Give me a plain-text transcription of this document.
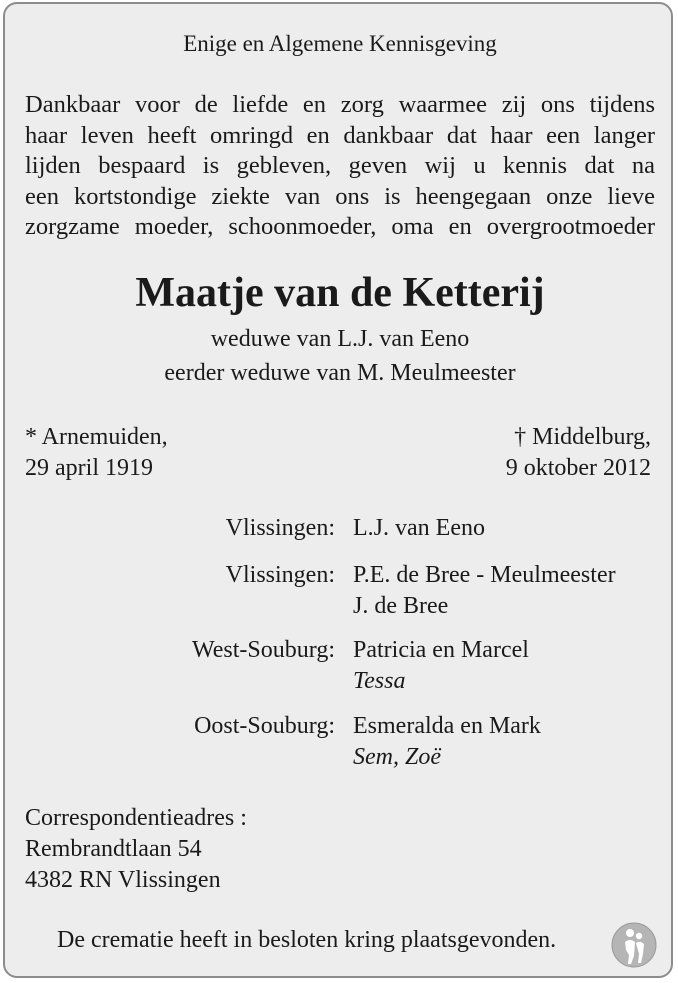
Enige en Algemene Kennisgeving
Dankbaar voor de liefde en zorg waarmee zij ons tijdens
haar leven heeft omringd en dankbaar dat haar een langer
lijden bespaard is gebleven, geven wij u kennis dat na
een kortstondige ziekte van ons is heengegaan onze lieve
zorgzame moeder, schoonmoeder, oma en overgrootmoeder
Maatje van de Ketterij
weduwe van L.J. van Eeno
eerder weduwe van M. Meulmeester
* Arnemuiden,
29 april 1919
† Middelburg,
9 oktober 2012
Vlissingen: L.J. van Eeno
Vlissingen: P.E. de Bree - Meulmeester
J. de Bree
West-Souburg: Patricia en Marcel
Tessa
Oost-Souburg: Esmeralda en Mark
Sem, Zoë
Correspondentieadres :
Rembrandtlaan 54
4382 RN Vlissingen
De crematie heeft in besloten kring plaatsgevonden.
